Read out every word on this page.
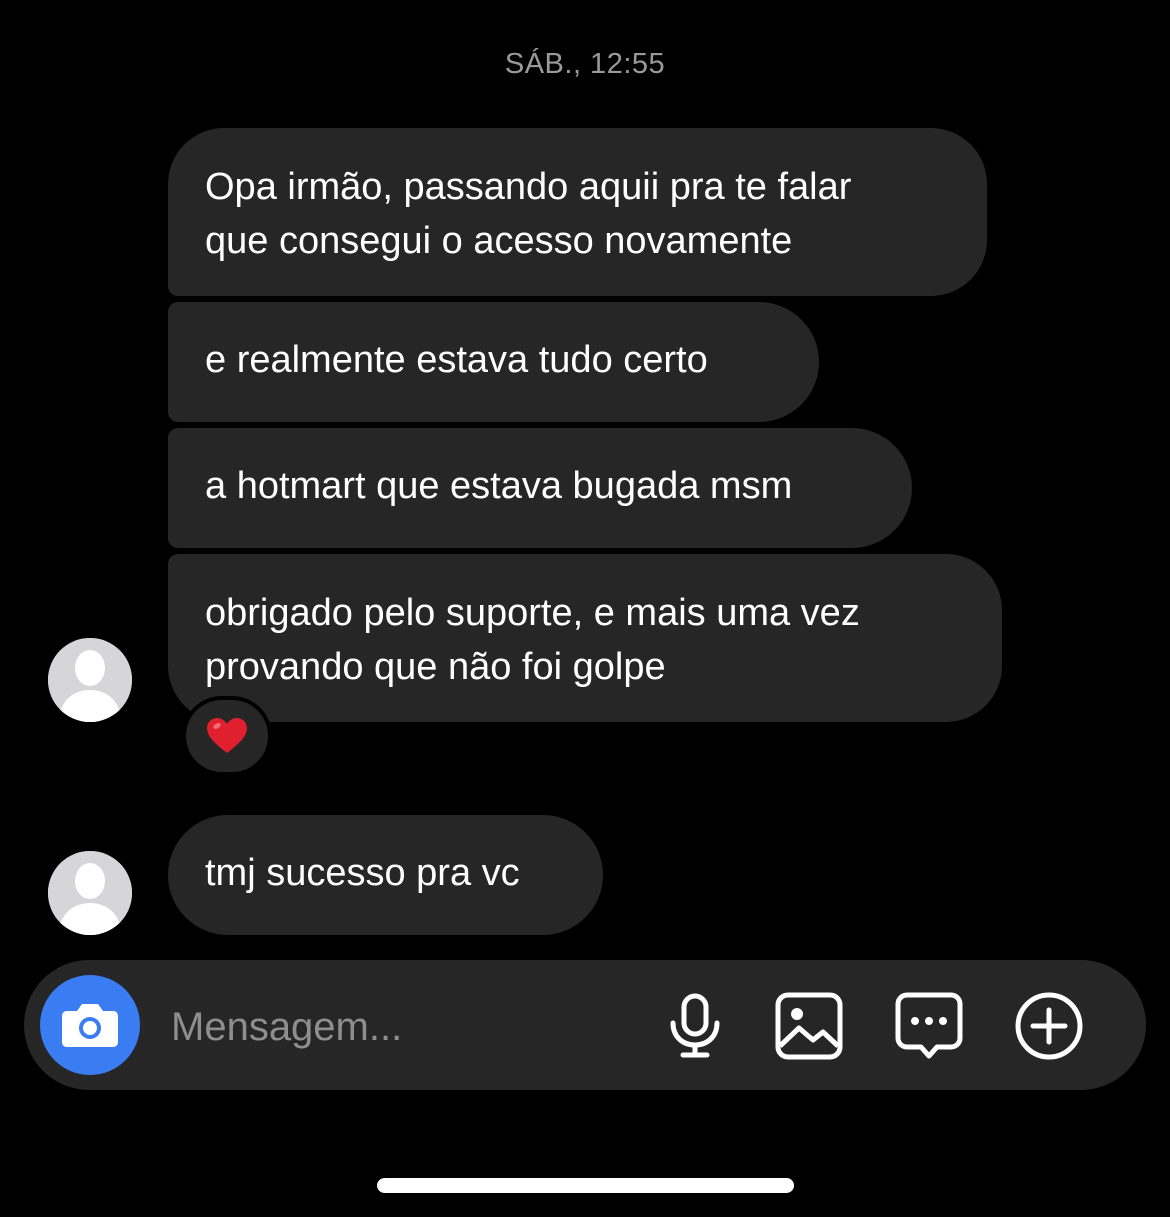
SÁB., 12:55
Opa irmão, passando aquii pra te falar
que consegui o acesso novamente
e realmente estava tudo certo
a hotmart que estava bugada msm
obrigado pelo suporte, e mais uma vez
provando que não foi golpe
tmj sucesso pra vc
Mensagem...
